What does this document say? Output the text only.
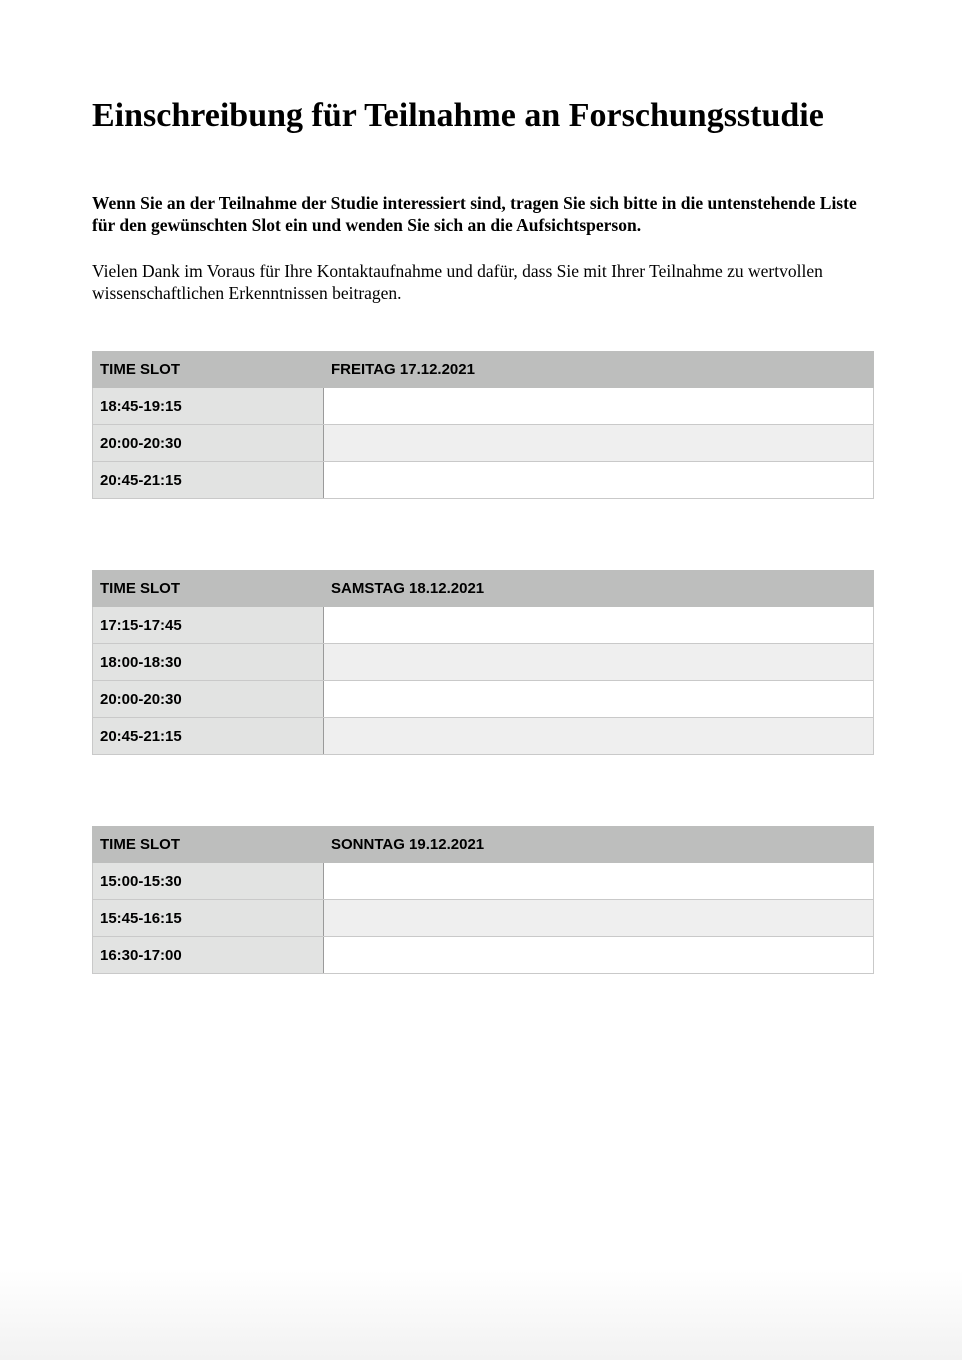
Einschreibung für Teilnahme an Forschungsstudie

Wenn Sie an der Teilnahme der Studie interessiert sind, tragen Sie sich bitte in die untenstehende Liste für den gewünschten Slot ein und wenden Sie sich an die Aufsichtsperson.

Vielen Dank im Voraus für Ihre Kontaktaufnahme und dafür, dass Sie mit Ihrer Teilnahme zu wertvollen wissenschaftlichen Erkenntnissen beitragen.

TIME SLOT	FREITAG 17.12.2021
18:45-19:15	
20:00-20:30	
20:45-21:15	
TIME SLOT	SAMSTAG 18.12.2021
17:15-17:45	
18:00-18:30	
20:00-20:30	
20:45-21:15	
TIME SLOT	SONNTAG 19.12.2021
15:00-15:30	
15:45-16:15	
16:30-17:00	
